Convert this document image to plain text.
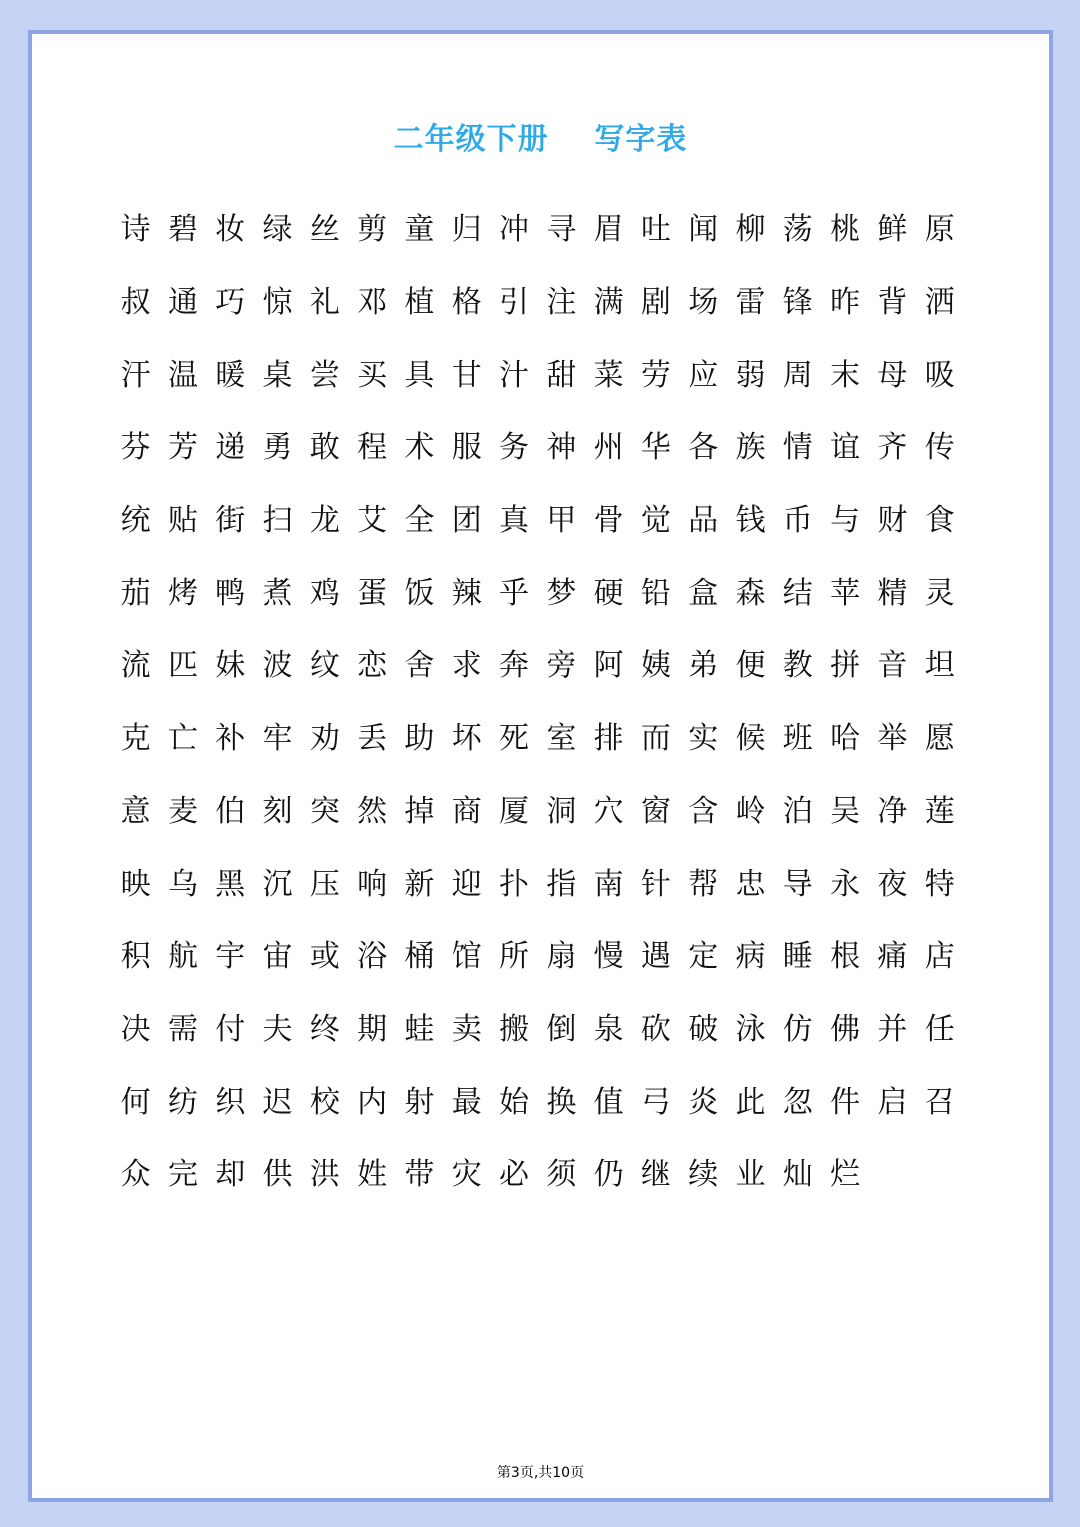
二年级下册    写字表
诗 碧 妆 绿 丝 剪 童 归 冲 寻 眉 吐 闻 柳 荡 桃 鲜 原
叔 通 巧 惊 礼 邓 植 格 引 注 满 剧 场 雷 锋 昨 背 洒
汗 温 暖 桌 尝 买 具 甘 汁 甜 菜 劳 应 弱 周 末 母 吸
芬 芳 递 勇 敢 程 术 服 务 神 州 华 各 族 情 谊 齐 传
统 贴 街 扫 龙 艾 全 团 真 甲 骨 觉 品 钱 币 与 财 食
茄 烤 鸭 煮 鸡 蛋 饭 辣 乎 梦 硬 铅 盒 森 结 苹 精 灵
流 匹 妹 波 纹 恋 舍 求 奔 旁 阿 姨 弟 便 教 拼 音 坦
克 亡 补 牢 劝 丢 助 坏 死 室 排 而 实 候 班 哈 举 愿
意 麦 伯 刻 突 然 掉 商 厦 洞 穴 窗 含 岭 泊 吴 净 莲
映 乌 黑 沉 压 响 新 迎 扑 指 南 针 帮 忠 导 永 夜 特
积 航 宇 宙 或 浴 桶 馆 所 扇 慢 遇 定 病 睡 根 痛 店
决 需 付 夫 终 期 蛙 卖 搬 倒 泉 砍 破 泳 仿 佛 并 任
何 纺 织 迟 校 内 射 最 始 换 值 弓 炎 此 忽 件 启 召
众 完 却 供 洪 姓 带 灾 必 须 仍 继 续 业 灿 烂
第3页,共10页
